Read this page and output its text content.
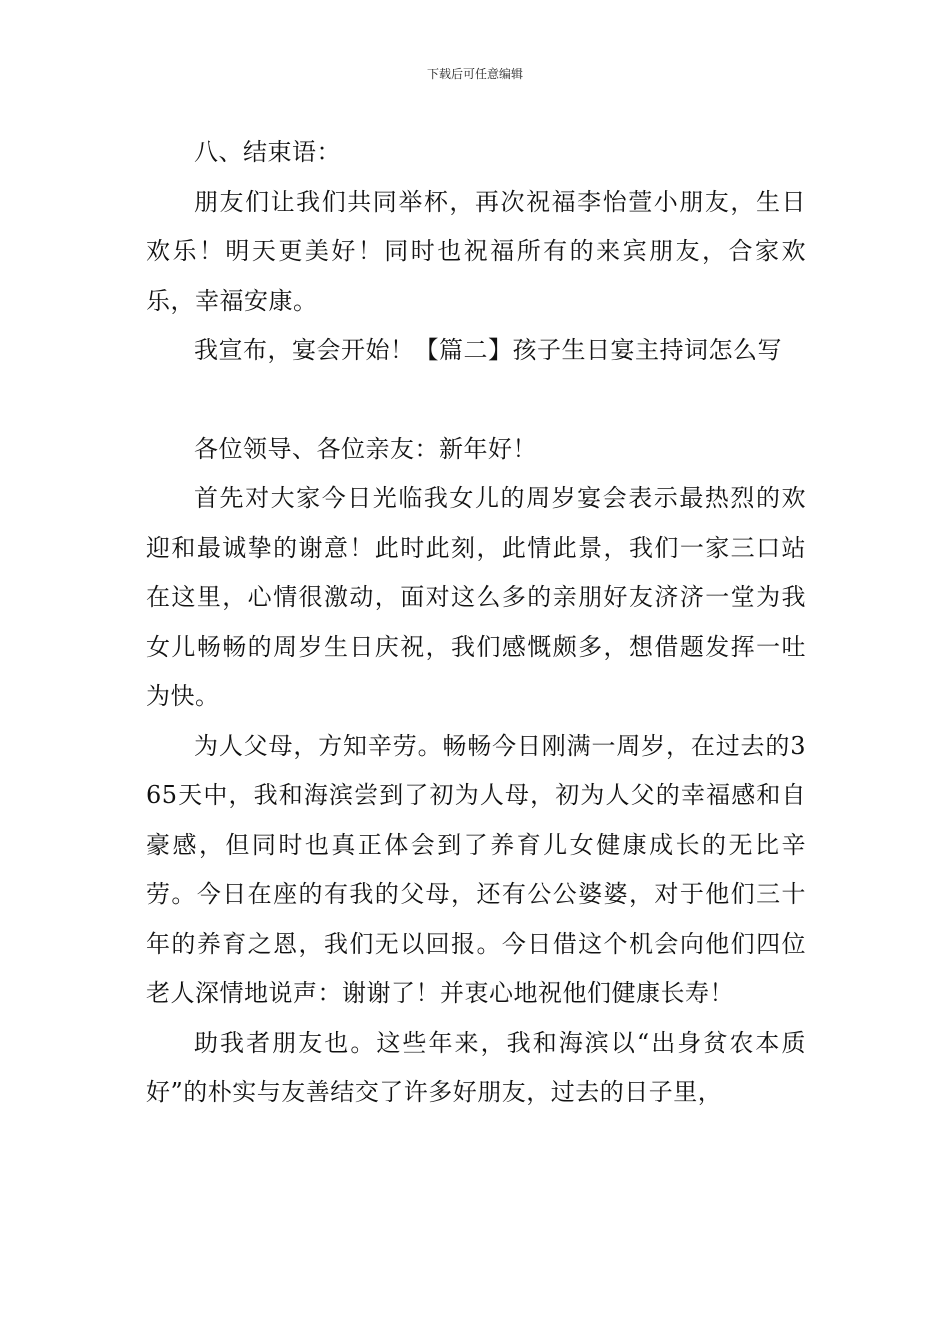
下载后可任意编辑

八、结束语：

朋友们让我们共同举杯，再次祝福李怡萱小朋友，生日欢乐！明天更美好！同时也祝福所有的来宾朋友，合家欢乐，幸福安康。

我宣布，宴会开始！【篇二】孩子生日宴主持词怎么写

各位领导、各位亲友：新年好！

首先对大家今日光临我女儿的周岁宴会表示最热烈的欢迎和最诚挚的谢意！此时此刻，此情此景，我们一家三口站在这里，心情很激动，面对这么多的亲朋好友济济一堂为我女儿畅畅的周岁生日庆祝，我们感慨颇多，想借题发挥一吐为快。

为人父母，方知辛劳。畅畅今日刚满一周岁，在过去的365天中，我和海滨尝到了初为人母，初为人父的幸福感和自豪感，但同时也真正体会到了养育儿女健康成长的无比辛劳。今日在座的有我的父母，还有公公婆婆，对于他们三十年的养育之恩，我们无以回报。今日借这个机会向他们四位老人深情地说声：谢谢了！并衷心地祝他们健康长寿！

助我者朋友也。这些年来，我和海滨以“出身贫农本质好”的朴实与友善结交了许多好朋友，过去的日子里，
